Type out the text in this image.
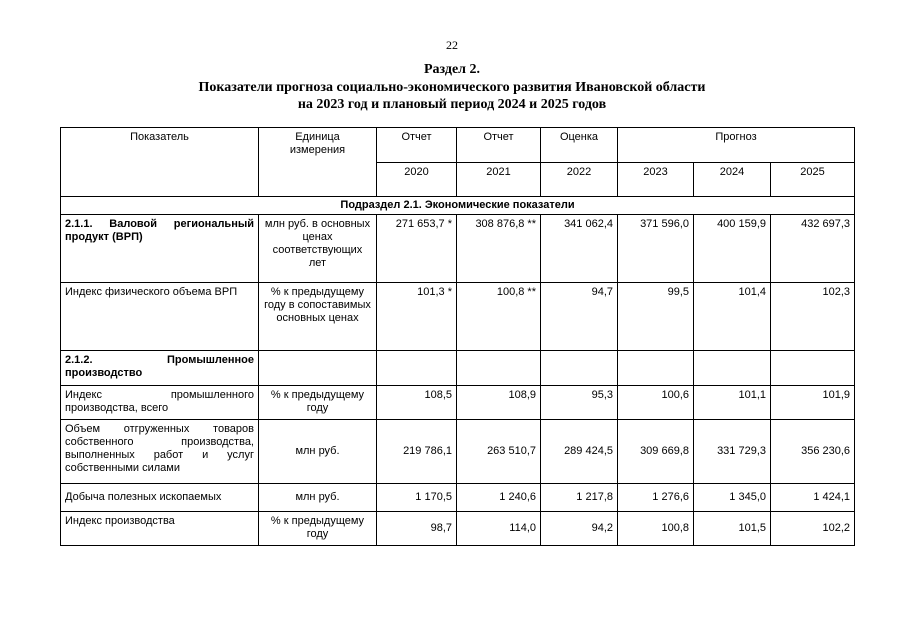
22
Раздел 2.
Показатели прогноза социально-экономического развития Ивановской области
на 2023 год и плановый период 2024 и 2025 годов
Показатель	Единица измерения	Отчет	Отчет	Оценка	Прогноз		
		2020	2021	2022	2023	2024	2025
Подраздел 2.1. Экономические показатели							
2.1.1. Валовой региональный продукт (ВРП)	млн руб. в основных ценах соответствующих лет	271 653,7 *	308 876,8 **	341 062,4	371 596,0	400 159,9	432 697,3
Индекс физического объема ВРП	% к предыдущему году в сопоставимых основных ценах	101,3 *	100,8 **	94,7	99,5	101,4	102,3
2.1.2. Промышленное производство							
Индекс промышленного производства, всего	% к предыдущему году	108,5	108,9	95,3	100,6	101,1	101,9
Объем отгруженных товаров собственного производства, выполненных работ и услуг собственными силами	млн руб.	219 786,1	263 510,7	289 424,5	309 669,8	331 729,3	356 230,6
Добыча полезных ископаемых	млн руб.	1 170,5	1 240,6	1 217,8	1 276,6	1 345,0	1 424,1
Индекс производства	% к предыдущему году	98,7	114,0	94,2	100,8	101,5	102,2
